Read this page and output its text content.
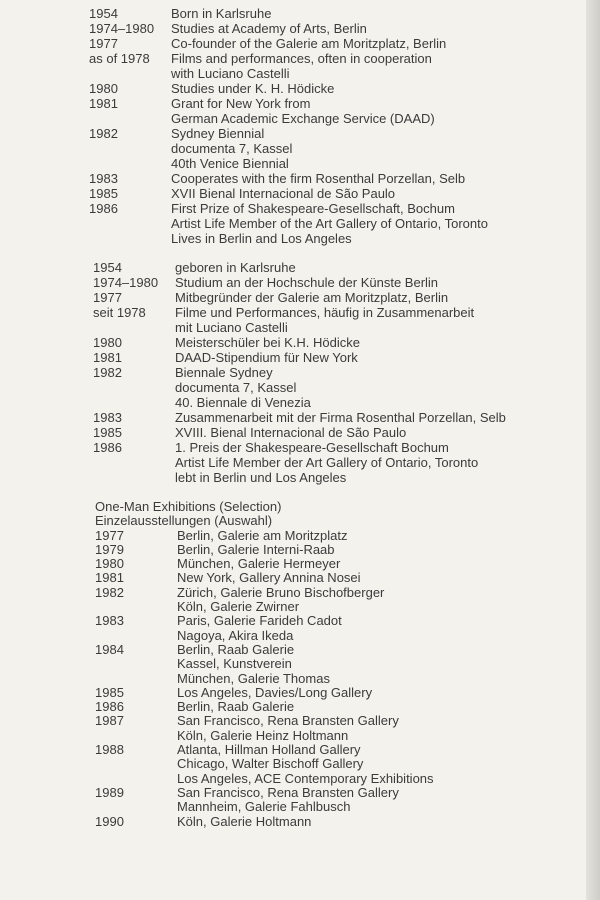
1954	Born in Karlsruhe
1974–1980	Studies at Academy of Arts, Berlin
1977	Co-founder of the Galerie am Moritzplatz, Berlin
as of 1978	Films and performances, often in cooperation
with Luciano Castelli
1980	Studies under K. H. Hödicke
1981	Grant for New York from
German Academic Exchange Service (DAAD)
1982	Sydney Biennial
documenta 7, Kassel
40th Venice Biennial
1983	Cooperates with the firm Rosenthal Porzellan, Selb
1985	XVII Bienal Internacional de São Paulo
1986	First Prize of Shakespeare-Gesellschaft, Bochum
Artist Life Member of the Art Gallery of Ontario, Toronto
Lives in Berlin and Los Angeles
1954	geboren in Karlsruhe
1974–1980	Studium an der Hochschule der Künste Berlin
1977	Mitbegründer der Galerie am Moritzplatz, Berlin
seit 1978	Filme und Performances, häufig in Zusammenarbeit
mit Luciano Castelli
1980	Meisterschüler bei K.H. Hödicke
1981	DAAD-Stipendium für New York
1982	Biennale Sydney
documenta 7, Kassel
40. Biennale di Venezia
1983	Zusammenarbeit mit der Firma Rosenthal Porzellan, Selb
1985	XVIII. Bienal Internacional de São Paulo
1986	1. Preis der Shakespeare-Gesellschaft Bochum
Artist Life Member der Art Gallery of Ontario, Toronto
lebt in Berlin und Los Angeles
One-Man Exhibitions (Selection)
Einzelausstellungen (Auswahl)
1977	Berlin, Galerie am Moritzplatz
1979	Berlin, Galerie Interni-Raab
1980	München, Galerie Hermeyer
1981	New York, Gallery Annina Nosei
1982	Zürich, Galerie Bruno Bischofberger
Köln, Galerie Zwirner
1983	Paris, Galerie Farideh Cadot
Nagoya, Akira Ikeda
1984	Berlin, Raab Galerie
Kassel, Kunstverein
München, Galerie Thomas
1985	Los Angeles, Davies/Long Gallery
1986	Berlin, Raab Galerie
1987	San Francisco, Rena Bransten Gallery
Köln, Galerie Heinz Holtmann
1988	Atlanta, Hillman Holland Gallery
Chicago, Walter Bischoff Gallery
Los Angeles, ACE Contemporary Exhibitions
1989	San Francisco, Rena Bransten Gallery
Mannheim, Galerie Fahlbusch
1990	Köln, Galerie Holtmann
